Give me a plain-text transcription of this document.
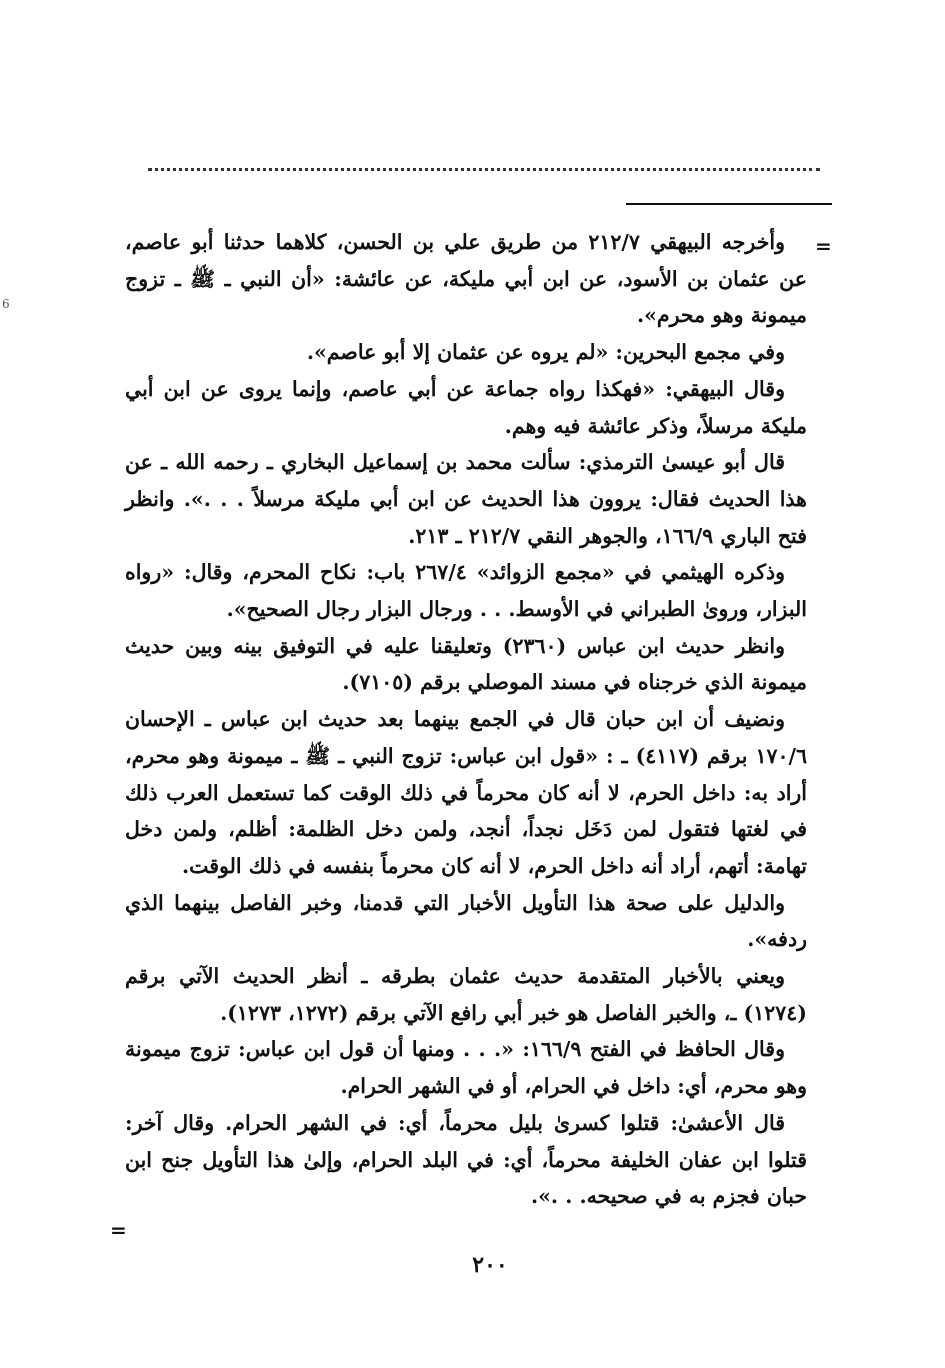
6
=

وأخرجه البيهقي ٢١٢/٧ من طريق علي بن الحسن، كلاهما حدثنا أبو عاصم، عن عثمان بن الأسود، عن ابن أبي مليكة، عن عائشة: «أن النبي ـ ﷺ ـ تزوج ميمونة وهو محرم».

وفي مجمع البحرين: «لم يروه عن عثمان إلا أبو عاصم».

وقال البيهقي: «فهكذا رواه جماعة عن أبي عاصم، وإنما يروى عن ابن أبي مليكة مرسلاً، وذكر عائشة فيه وهم.

قال أبو عيسىٰ الترمذي: سألت محمد بن إسماعيل البخاري ـ رحمه الله ـ عن هذا الحديث فقال: يروون هذا الحديث عن ابن أبي مليكة مرسلاً . . .». وانظر فتح الباري ١٦٦/٩، والجوهر النقي ٢١٢/٧ ـ ٢١٣.

وذكره الهيثمي في «مجمع الزوائد» ٢٦٧/٤ باب: نكاح المحرم، وقال: «رواه البزار، وروىٰ الطبراني في الأوسط. . . ورجال البزار رجال الصحيح».

وانظر حديث ابن عباس (٢٣٦٠) وتعليقنا عليه في التوفيق بينه وبين حديث ميمونة الذي خرجناه في مسند الموصلي برقم (٧١٠٥).

ونضيف أن ابن حبان قال في الجمع بينهما بعد حديث ابن عباس ـ الإحسان ١٧٠/٦ برقم (٤١١٧) ـ : «قول ابن عباس: تزوج النبي ـ ﷺ ـ ميمونة وهو محرم، أراد به: داخل الحرم، لا أنه كان محرماً في ذلك الوقت كما تستعمل العرب ذلك في لغتها فتقول لمن دَخَل نجداً، أنجد، ولمن دخل الظلمة: أظلم، ولمن دخل تهامة: أتهم، أراد أنه داخل الحرم، لا أنه كان محرماً بنفسه في ذلك الوقت.

والدليل على صحة هذا التأويل الأخبار التي قدمنا، وخبر الفاصل بينهما الذي ردفه».

ويعني بالأخبار المتقدمة حديث عثمان بطرقه ـ أنظر الحديث الآتي برقم (١٢٧٤) ـ، والخبر الفاصل هو خبر أبي رافع الآتي برقم (١٢٧٢، ١٢٧٣).

وقال الحافظ في الفتح ١٦٦/٩: «. . . ومنها أن قول ابن عباس: تزوج ميمونة وهو محرم، أي: داخل في الحرام، أو في الشهر الحرام.

قال الأعشىٰ: قتلوا كسرىٰ بليل محرماً، أي: في الشهر الحرام. وقال آخر: قتلوا ابن عفان الخليفة محرماً، أي: في البلد الحرام، وإلىٰ هذا التأويل جنح ابن حبان فجزم به في صحيحه. . .».

=
٢٠٠
